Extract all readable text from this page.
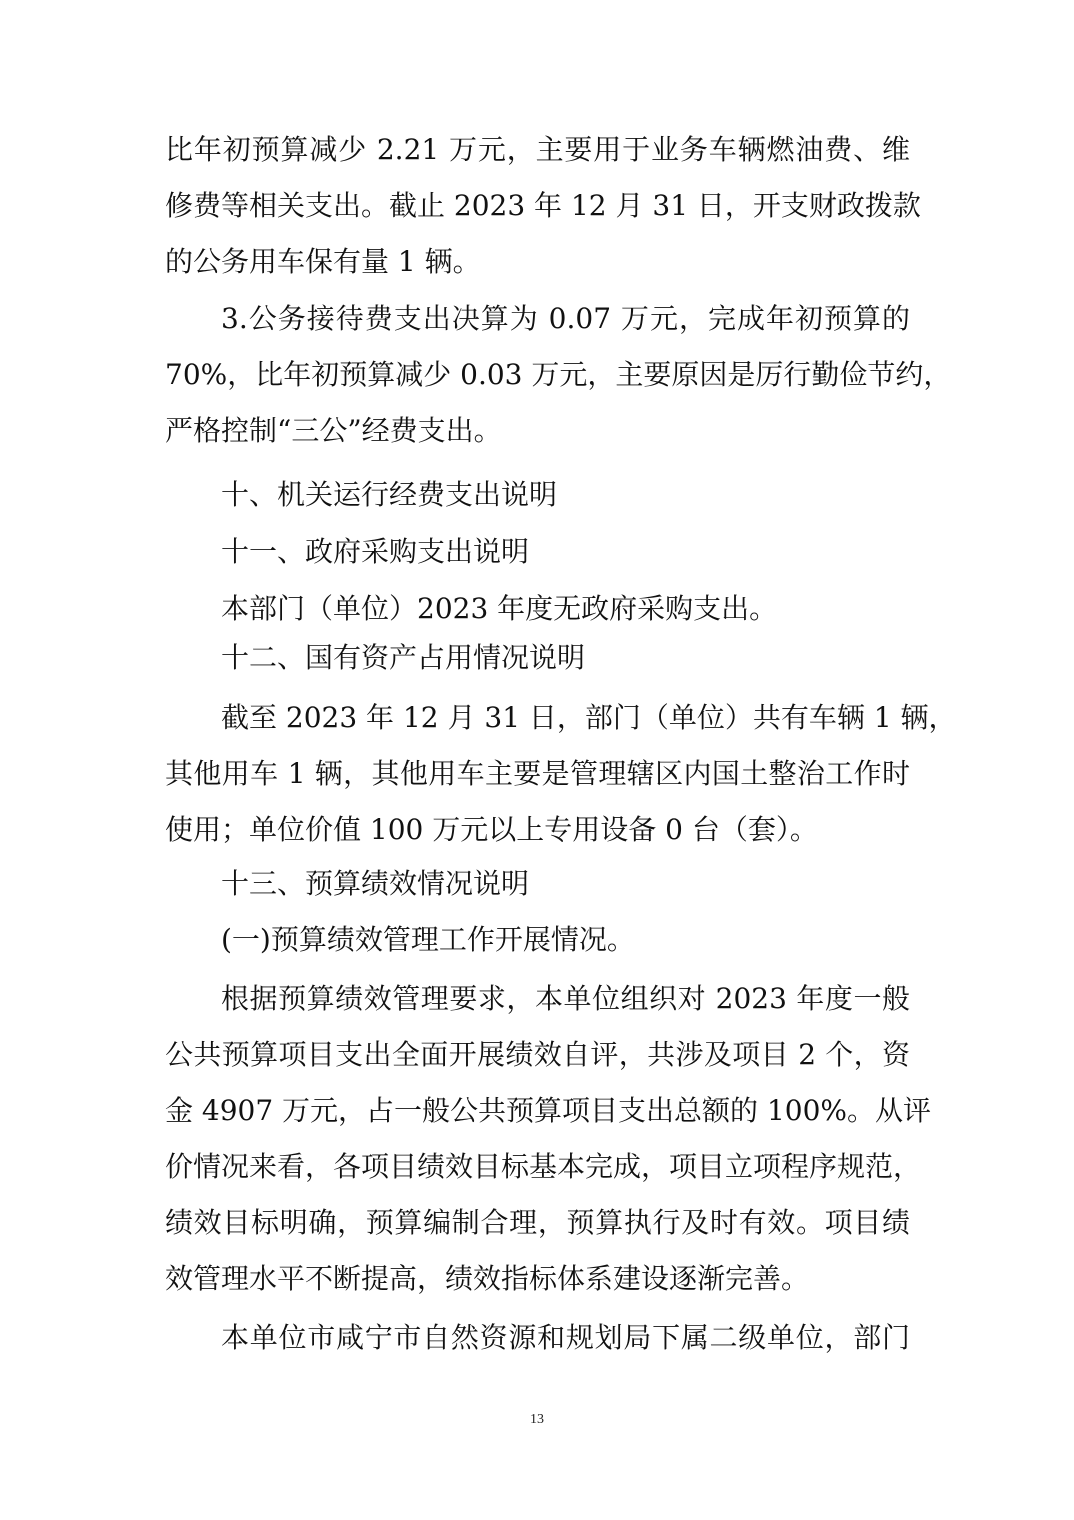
比年初预算减少 2.21 万元，主要用于业务车辆燃油费、维
修费等相关支出。截止 2023 年 12 月 31 日，开支财政拨款
的公务用车保有量 1 辆。
3.公务接待费支出决算为 0.07 万元，完成年初预算的
70%，比年初预算减少 0.03 万元，主要原因是厉行勤俭节约，
严格控制“三公”经费支出。
十、机关运行经费支出说明
十一、政府采购支出说明
本部门（单位）2023 年度无政府采购支出。
十二、国有资产占用情况说明
截至 2023 年 12 月 31 日，部门（单位）共有车辆 1 辆，
其他用车 1 辆，其他用车主要是管理辖区内国土整治工作时
使用；单位价值 100 万元以上专用设备 0 台（套）。
十三、预算绩效情况说明
(一)预算绩效管理工作开展情况。
根据预算绩效管理要求，本单位组织对 2023 年度一般
公共预算项目支出全面开展绩效自评，共涉及项目 2 个，资
金 4907 万元，占一般公共预算项目支出总额的 100%。从评
价情况来看，各项目绩效目标基本完成，项目立项程序规范，
绩效目标明确，预算编制合理，预算执行及时有效。项目绩
效管理水平不断提高，绩效指标体系建设逐渐完善。
本单位市咸宁市自然资源和规划局下属二级单位，部门
13
